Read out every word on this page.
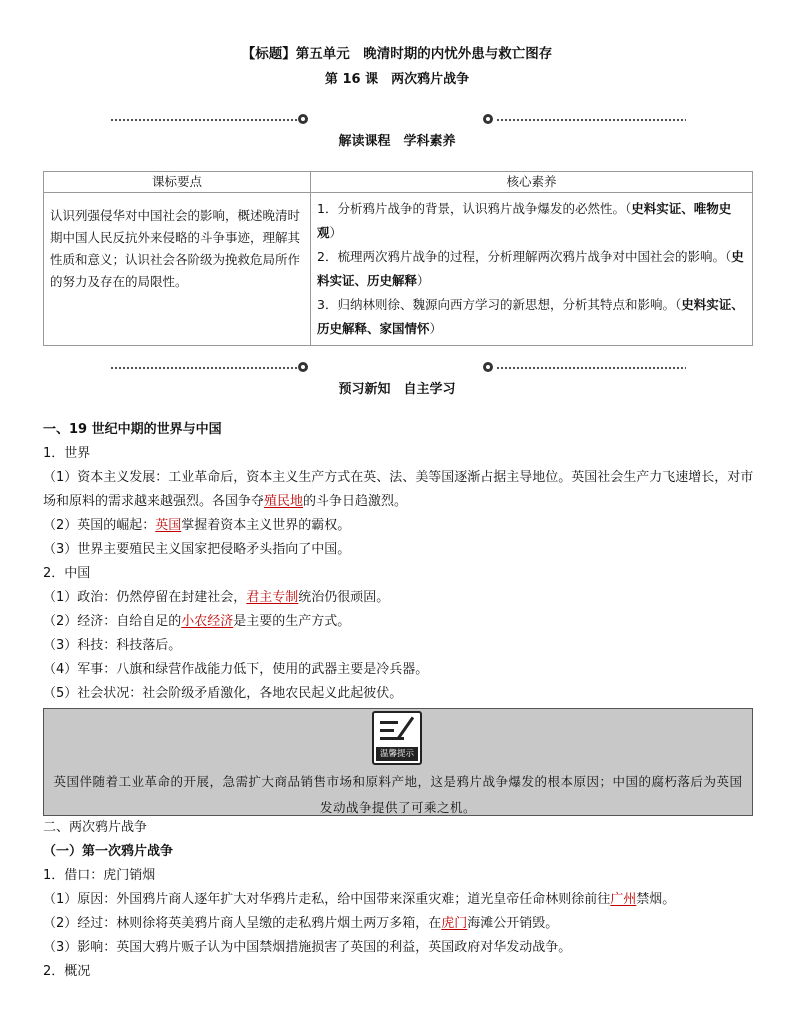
【标题】第五单元　晚清时期的内忧外患与救亡图存
第 16 课　两次鸦片战争
解读课程　学科素养
课标要点	核心素养
认识列强侵华对中国社会的影响，概述晚清时期中国人民反抗外来侵略的斗争事迹，理解其性质和意义；认识社会各阶级为挽救危局所作的努力及存在的局限性。	1．分析鸦片战争的背景，认识鸦片战争爆发的必然性。（史料实证、唯物史观）
2．梳理两次鸦片战争的过程，分析理解两次鸦片战争对中国社会的影响。（史料实证、历史解释）
3．归纳林则徐、魏源向西方学习的新思想，分析其特点和影响。（史料实证、历史解释、家国情怀）
预习新知　自主学习

一、19 世纪中期的世界与中国

1．世界

（1）资本主义发展：工业革命后，资本主义生产方式在英、法、美等国逐渐占据主导地位。英国社会生产力飞速增长，对市场和原料的需求越来越强烈。各国争夺殖民地的斗争日趋激烈。

（2）英国的崛起：英国掌握着资本主义世界的霸权。

（3）世界主要殖民主义国家把侵略矛头指向了中国。

2．中国

（1）政治：仍然停留在封建社会，君主专制统治仍很顽固。

（2）经济：自给自足的小农经济是主要的生产方式。

（3）科技：科技落后。

（4）军事：八旗和绿营作战能力低下，使用的武器主要是冷兵器。

（5）社会状况：社会阶级矛盾激化，各地农民起义此起彼伏。

温馨提示
英国伴随着工业革命的开展，急需扩大商品销售市场和原料产地，这是鸦片战争爆发的根本原因；中国的腐朽落后为英国发动战争提供了可乘之机。

二、两次鸦片战争

（一）第一次鸦片战争

1．借口：虎门销烟

（1）原因：外国鸦片商人逐年扩大对华鸦片走私，给中国带来深重灾难；道光皇帝任命林则徐前往广州禁烟。

（2）经过：林则徐将英美鸦片商人呈缴的走私鸦片烟土两万多箱，在虎门海滩公开销毁。

（3）影响：英国大鸦片贩子认为中国禁烟措施损害了英国的利益，英国政府对华发动战争。

2．概况
